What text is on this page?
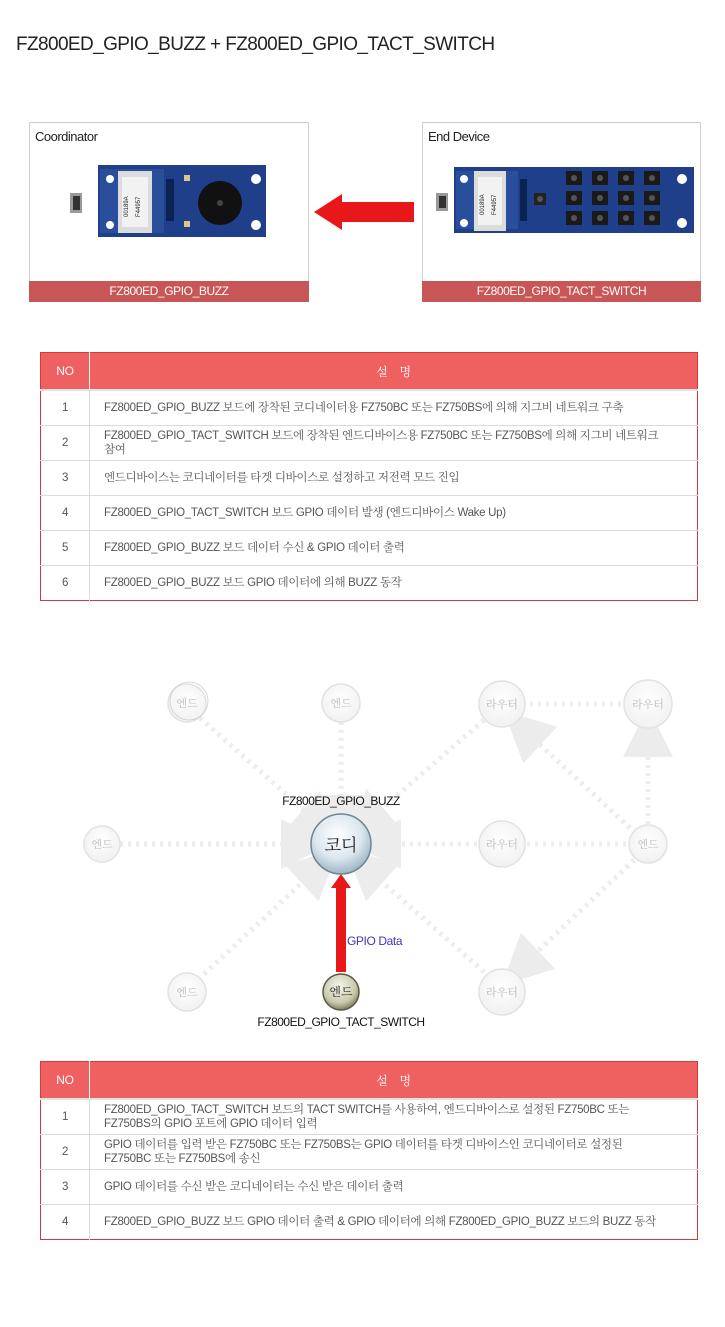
FZ800ED_GPIO_BUZZ + FZ800ED_GPIO_TACT_SWITCH
Coordinator
00189A F44957
FZ800ED_GPIO_BUZZ
End Device
00189A F44957
FZ800ED_GPIO_TACT_SWITCH
NO	설    명
1	FZ800ED_GPIO_BUZZ 보드에 장착된 코디네이터용 FZ750BC 또는 FZ750BS에 의해 지그비 네트워크 구축
2	FZ800ED_GPIO_TACT_SWITCH 보드에 장착된 엔드디바이스용 FZ750BC 또는 FZ750BS에 의해 지그비 네트워크 참여
3	엔드디바이스는 코디네이터를 타겟 디바이스로 설정하고 저전력 모드 진입
4	FZ800ED_GPIO_TACT_SWITCH 보드 GPIO 데이터 발생 (엔드디바이스 Wake Up)
5	FZ800ED_GPIO_BUZZ 보드 데이터 수신 & GPIO 데이터 출력
6	FZ800ED_GPIO_BUZZ 보드 GPIO 데이터에 의해 BUZZ 동작
GPIO Data
엔드	엔드	라우터	라우터
엔드	코디	라우터	엔드
엔드	엔드	라우터
FZ800ED_GPIO_BUZZ
FZ800ED_GPIO_TACT_SWITCH
NO	설    명
1	FZ800ED_GPIO_TACT_SWITCH 보드의 TACT SWITCH를 사용하여, 엔드디바이스로 설정된 FZ750BC 또는 FZ750BS의 GPIO 포트에 GPIO 데이터 입력
2	GPIO 데이터를 입력 받은 FZ750BC 또는 FZ750BS는 GPIO 데이터를 타겟 디바이스인 코디네이터로 설정된 FZ750BC 또는 FZ750BS에 송신
3	GPIO 데이터를 수신 받은 코디네이터는 수신 받은 데이터 출력
4	FZ800ED_GPIO_BUZZ 보드 GPIO 데이터 출력 & GPIO 데이터에 의해 FZ800ED_GPIO_BUZZ 보드의 BUZZ 동작
